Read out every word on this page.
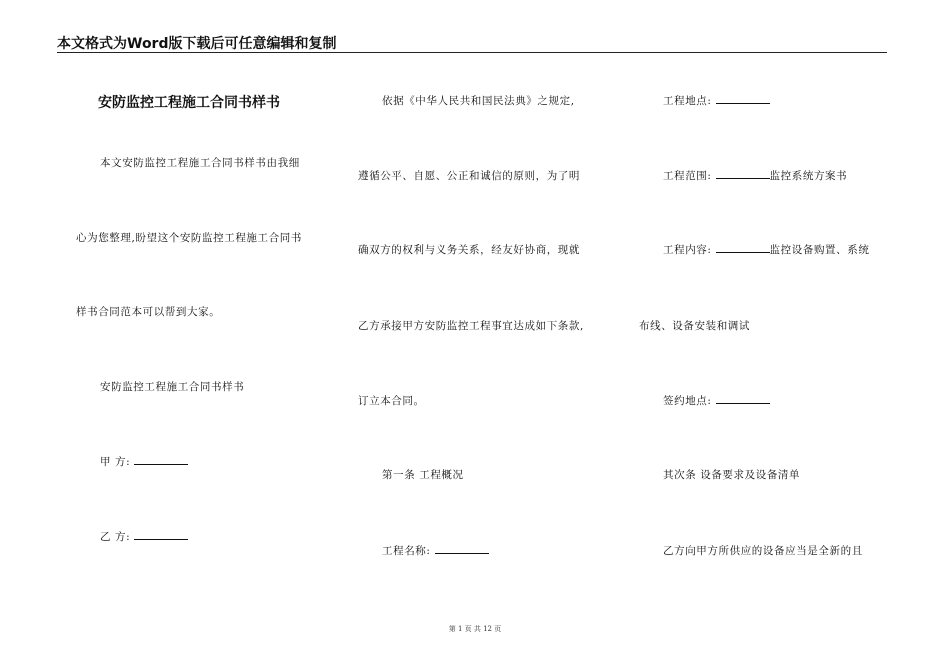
本文格式为Word版下载后可任意编辑和复制
安防监控工程施工合同书样书
本文安防监控工程施工合同书样书由我细
心为您整理,盼望这个安防监控工程施工合同书
样书合同范本可以帮到大家。
安防监控工程施工合同书样书
甲 方:
乙 方:
依据《中华人民共和国民法典》之规定,
遵循公平、自愿、公正和诚信的原则，为了明
确双方的权利与义务关系，经友好协商，现就
乙方承接甲方安防监控工程事宜达成如下条款,
订立本合同。
第一条 工程概况
工程名称:
工程地点:
工程范围:	监控系统方案书
工程内容:	监控设备购置、系统
布线、设备安装和调试
签约地点:
其次条 设备要求及设备清单
乙方向甲方所供应的设备应当是全新的且
第 1 页 共 12 页
